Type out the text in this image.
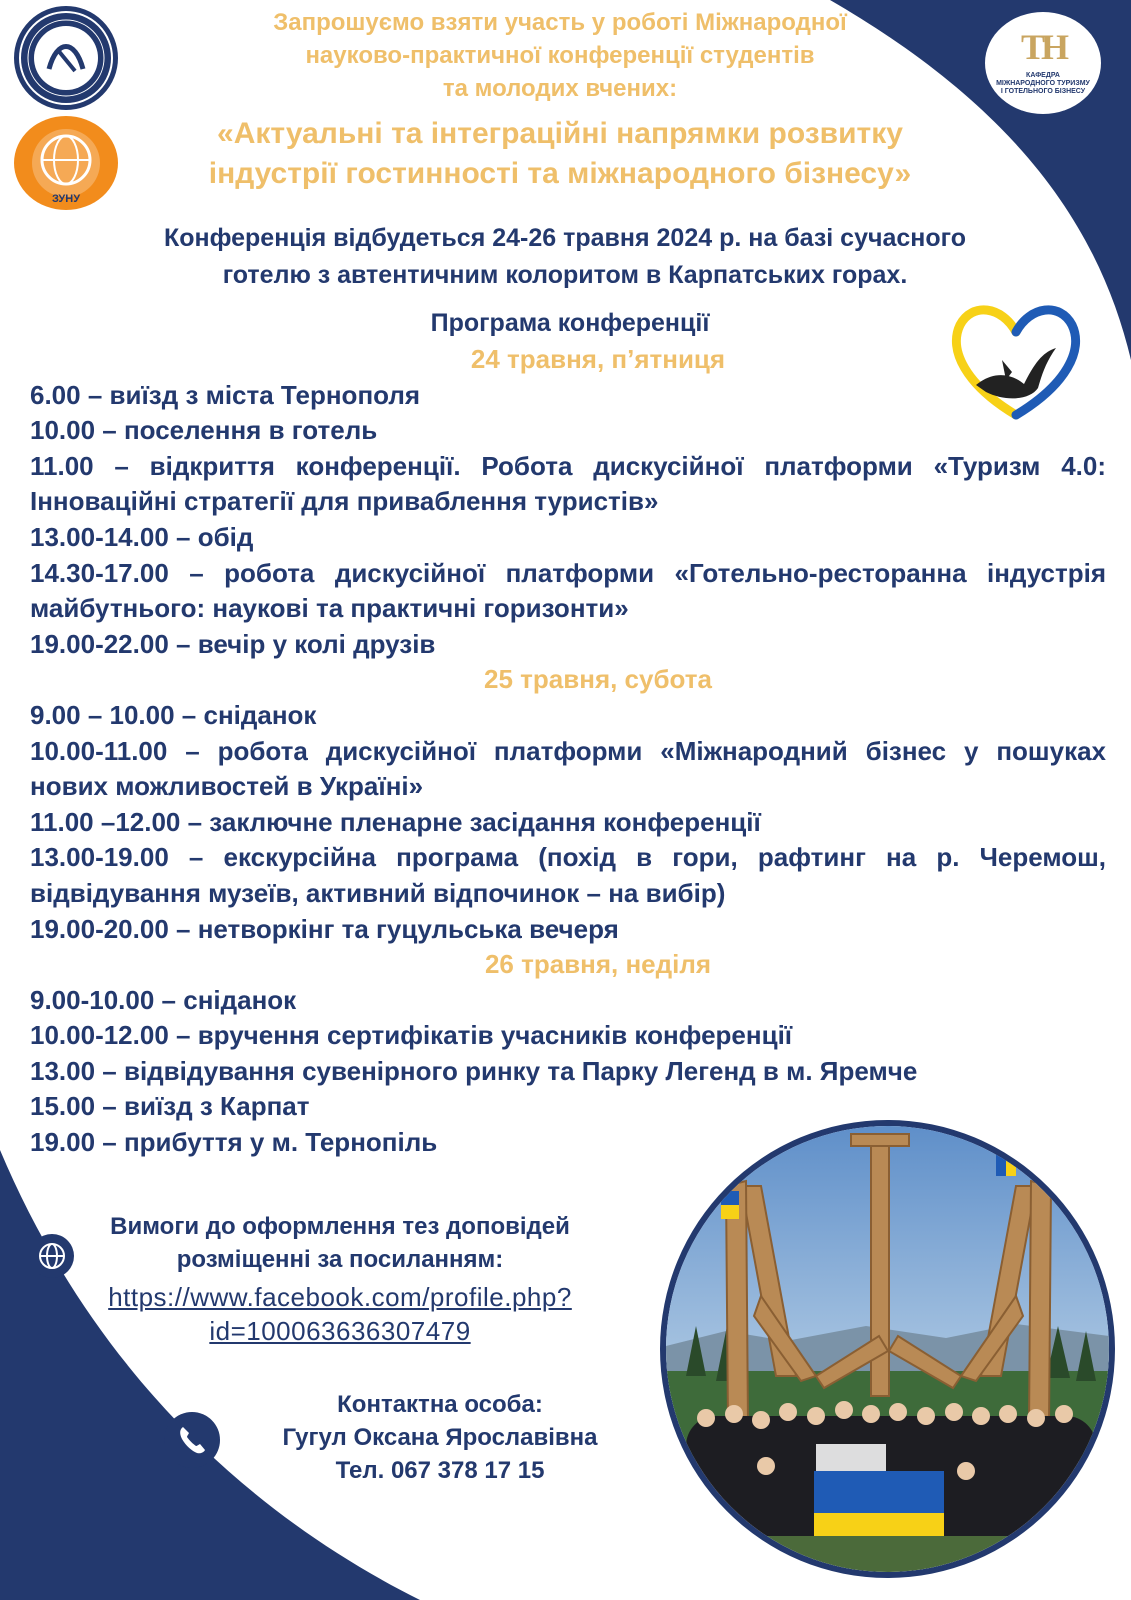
ЗУНУ
ТН
КАФЕДРА
МІЖНАРОДНОГО ТУРИЗМУ
І ГОТЕЛЬНОГО БІЗНЕСУ
Запрошуємо взяти участь у роботі Міжнародної
науково-практичної конференції студентів
та молодих вчених:
«Актуальні та інтеграційні напрямки розвитку
індустрії гостинності та міжнародного бізнесу»
Конференція відбудеться 24-26 травня 2024 р. на базі сучасного
готелю з автентичним колоритом в Карпатських горах.
Програма конференції
24 травня, п’ятниця
6.00 – виїзд з міста Тернополя
10.00 – поселення в готель
11.00 – відкриття конференції. Робота дискусійної платформи «Туризм 4.0: Інноваційні стратегії для приваблення туристів»
13.00-14.00 – обід
14.30-17.00 – робота дискусійної платформи «Готельно-ресторанна індустрія майбутнього: наукові та практичні горизонти»
19.00-22.00 – вечір у колі друзів
25 травня, субота
9.00 – 10.00 – сніданок
10.00-11.00 – робота дискусійної платформи «Міжнародний бізнес у пошуках нових можливостей в Україні»
11.00 –12.00 – заключне пленарне засідання конференції
13.00-19.00 – екскурсійна програма (похід в гори, рафтинг на р. Черемош, відвідування музеїв, активний відпочинок – на вибір)
19.00-20.00 – нетворкінг та гуцульська вечеря
26 травня, неділя
9.00-10.00 – сніданок
10.00-12.00 – вручення сертифікатів учасників конференції
13.00 – відвідування сувенірного ринку та Парку Легенд в м. Яремче
15.00 – виїзд з Карпат
19.00 – прибуття у м. Тернопіль
Вимоги до оформлення тез доповідей
розміщенні за посиланням:
https://www.facebook.com/profile.php?
id=100063636307479
Контактна особа:
Гугул Оксана Ярославівна
Тел. 067 378 17 15
